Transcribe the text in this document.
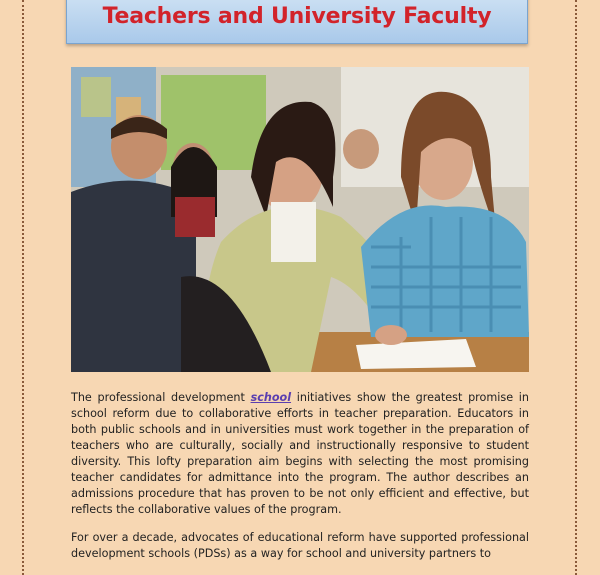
Teachers and University Faculty

The professional development school initiatives show the greatest promise in school reform due to collaborative efforts in teacher preparation. Educators in both public schools and in universities must work together in the preparation of teachers who are culturally, socially and instructionally responsive to student diversity. This lofty preparation aim begins with selecting the most promising teacher candidates for admittance into the program. The author describes an admissions procedure that has proven to be not only efficient and effective, but reflects the collaborative values of the program.

For over a decade, advocates of educational reform have supported professional development schools (PDSs) as a way for school and university partners to
